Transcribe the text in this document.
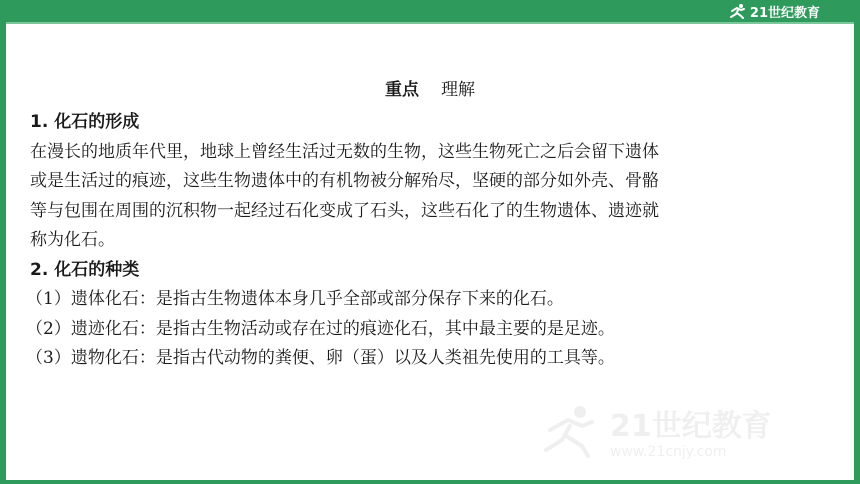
21世纪教育
21世纪教育
www.21cnjy.com
重点 理解
1. 化石的形成
在漫长的地质年代里，地球上曾经生活过无数的生物，这些生物死亡之后会留下遗体
或是生活过的痕迹，这些生物遗体中的有机物被分解殆尽，坚硬的部分如外壳、骨骼
等与包围在周围的沉积物一起经过石化变成了石头，这些石化了的生物遗体、遗迹就
称为化石。
2. 化石的种类
（1）遗体化石：是指古生物遗体本身几乎全部或部分保存下来的化石。
（2）遗迹化石：是指古生物活动或存在过的痕迹化石，其中最主要的是足迹。
（3）遗物化石：是指古代动物的粪便、卵（蛋）以及人类祖先使用的工具等。
